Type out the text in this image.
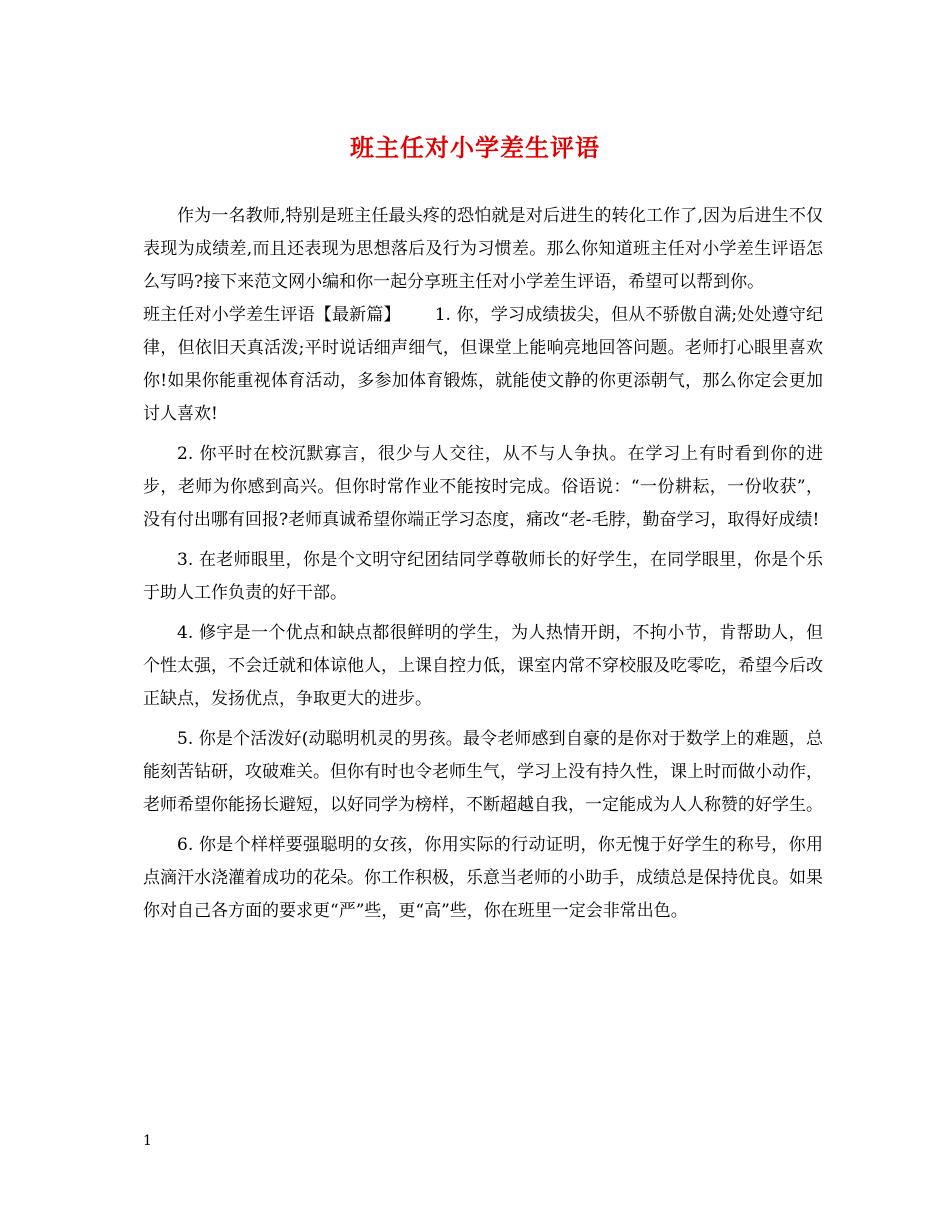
班主任对小学差生评语

作为一名教师,特别是班主任最头疼的恐怕就是对后进生的转化工作了,因为后进生不仅表现为成绩差,而且还表现为思想落后及行为习惯差。那么你知道班主任对小学差生评语怎么写吗?接下来范文网小编和你一起分享班主任对小学差生评语，希望可以帮到你。

班主任对小学差生评语【最新篇】   1. 你，学习成绩拔尖，但从不骄傲自满;处处遵守纪律，但依旧天真活泼;平时说话细声细气，但课堂上能响亮地回答问题。老师打心眼里喜欢你!如果你能重视体育活动，多参加体育锻炼，就能使文静的你更添朝气，那么你定会更加讨人喜欢!

2. 你平时在校沉默寡言，很少与人交往，从不与人争执。在学习上有时看到你的进步，老师为你感到高兴。但你时常作业不能按时完成。俗语说：“一份耕耘，一份收获”，没有付出哪有回报?老师真诚希望你端正学习态度，痛改“老-毛脖，勤奋学习，取得好成绩!

3. 在老师眼里，你是个文明守纪团结同学尊敬师长的好学生，在同学眼里，你是个乐于助人工作负责的好干部。

4. 修宇是一个优点和缺点都很鲜明的学生，为人热情开朗，不拘小节，肯帮助人，但个性太强，不会迁就和体谅他人，上课自控力低，课室内常不穿校服及吃零吃，希望今后改正缺点，发扬优点，争取更大的进步。

5. 你是个活泼好(动聪明机灵的男孩。最令老师感到自豪的是你对于数学上的难题，总能刻苦钻研，攻破难关。但你有时也令老师生气，学习上没有持久性，课上时而做小动作，老师希望你能扬长避短，以好同学为榜样，不断超越自我，一定能成为人人称赞的好学生。

6. 你是个样样要强聪明的女孩，你用实际的行动证明，你无愧于好学生的称号，你用点滴汗水浇灌着成功的花朵。你工作积极，乐意当老师的小助手，成绩总是保持优良。如果你对自己各方面的要求更“严”些，更“高”些，你在班里一定会非常出色。

1
